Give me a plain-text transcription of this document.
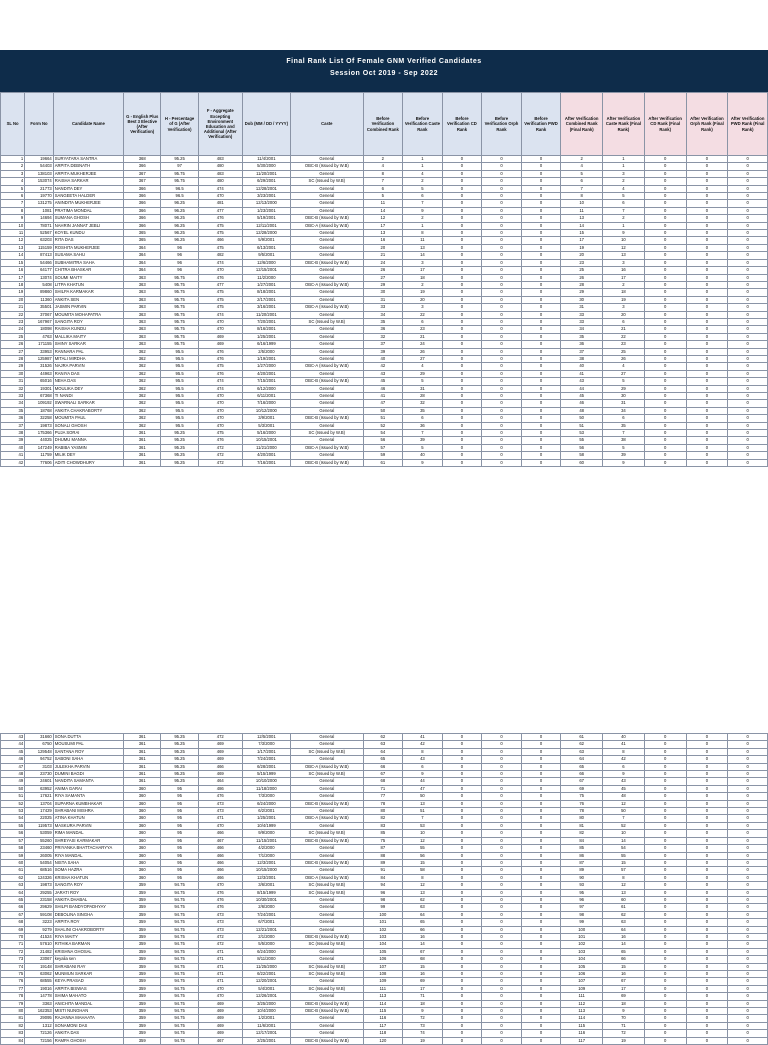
Final Rank List Of Female GNM Verified Candidates
Session Oct 2019 - Sep 2022
SL No	Form No	Candidate Name	G - English Plus Best 3 Elective (After Verification)	H - Percentage of G (After Verification)	F - Aggregate Excepting Environment Education and Additional (After Verification)	Dob (MM / DD / YYYY)	Caste	Before Verification Combined Rank	Before Verification Caste Rank	Before Verification CD Rank	Before Verification Orph Rank	Before Verification PWD Rank	After Verification Combined Rank (Final Rank)	After Verification Caste Rank (Final Rank)	After Verification CD Rank (Final Rank)	After Verification Orph Rank (Final Rank)	After Verification PWD Rank (Final Rank)
1	19664	SURYATARA SANTRA	368	95.25	483	11/4/2001	General	2	1	0	0	0	2	1	0	0	0
2	54403	ARPITA DEBNATH	366	97	480	5/30/2000	OBC-B (Issued by W.B)	4	1	0	0	0	4	1	0	0	0
3	138103	ARPITA MUKHERJEE	367	95.75	483	11/20/2001	General	8	4	0	0	0	5	3	0	0	0
4	153074	RAISHA SARKAR	367	95.75	480	6/29/2001	SC (Issued by W.B)	7	2	0	0	0	6	2	0	0	0
5	21773	NANDITA DEY	366	96.5	474	12/28/2001	General	6	5	0	0	0	7	4	0	0	0
6	19770	SANGEETA HALDER	366	96.5	470	3/23/2001	General	5	6	0	0	0	8	5	0	0	0
7	131275	ANINDITA MUKHERJEE	366	96.25	481	12/13/2000	General	11	7	0	0	0	10	6	0	0	0
8	1081	PRATIMA MONDAL	366	96.25	477	1/23/2001	General	14	9	0	0	0	11	7	0	0	0
9	14694	SUMANA GHOSH	366	96.25	476	5/19/2001	OBC-B (Issued by W.B)	12	2	0	0	0	13	2	0	0	0
10	78071	NAHRIN JANNAT JEBLI	366	96.25	475	12/11/2001	OBC-A (Issued by W.B)	17	1	0	0	0	14	1	0	0	0
11	52567	KOYEL KUNDU	365	96.25	475	12/28/2000	General	13	8	0	0	0	15	9	0	0	0
12	63203	RITA DAS	365	96.25	466	5/9/2001	General	16	11	0	0	0	17	10	0	0	0
13	115159	ROSHITA MUKHERJEE	364	96	475	6/13/2001	General	20	13	0	0	0	19	12	0	0	0
14	87413	SUSAMA SAHU	364	96	482	9/5/2001	General	21	14	0	0	0	20	13	0	0	0
15	54466	SUBHAMITRA SAHA	364	96	474	12/6/2000	OBC-B (Issued by W.B)	24	3	0	0	0	23	3	0	0	0
16	64177	CHITRA BHASKAR	364	96	470	12/15/2001	General	26	17	0	0	0	25	16	0	0	0
17	13074	SOUMI MAITY	363	95.75	476	11/2/2000	General	27	18	0	0	0	26	17	0	0	0
18	5408	LITPA KHATUN	363	95.75	477	1/27/2001	OBC-A (Issued by W.B)	29	2	0	0	0	28	2	0	0	0
19	89860	SHILPA KARMAKAR	363	95.75	475	8/18/2001	General	30	19	0	0	0	29	18	0	0	0
20	11360	ANKITA SEN	363	95.75	475	2/17/2001	General	31	20	0	0	0	30	19	0	0	0
21	35501	JASMIN PARVIN	363	95.75	475	3/16/2001	OBC-A (Issued by W.B)	33	3	0	0	0	31	3	0	0	0
22	37067	MOUMITA MOHAPATRA	363	95.75	474	11/20/2001	General	34	22	0	0	0	33	20	0	0	0
23	167967	SANGITA ROY	363	95.75	470	7/20/2001	SC (Issued by W.B)	35	6	0	0	0	33	6	0	0	0
24	18098	RAISHA KUNDU	363	95.75	470	8/16/2001	General	36	23	0	0	0	34	21	0	0	0
25	4763	MALLIKA MAITY	363	95.75	469	1/25/2001	General	32	21	0	0	0	35	22	0	0	0
26	171155	SHINY SARKAR	363	95.75	469	6/16/1999	General	37	24	0	0	0	36	23	0	0	0
27	33953	RANNARA PAL	362	95.5	476	2/5/2000	General	39	26	0	0	0	37	25	0	0	0
28	125987	MITALI MIRDHA	362	95.5	476	1/19/2001	General	40	27	0	0	0	38	26	0	0	0
29	31526	NAJRA PARVIN	362	95.5	475	1/27/2000	OBC-A (Issued by W.B)	42	4	0	0	0	40	4	0	0	0
30	44963	RANIYA DAS	362	95.5	476	4/20/2001	General	43	29	0	0	0	41	27	0	0	0
31	65016	NEHA DAS	362	95.5	474	7/15/2001	OBC-B (Issued by W.B)	45	5	0	0	0	43	5	0	0	0
32	19301	MOULIKA DEY	362	95.5	474	6/12/2000	General	46	31	0	0	0	44	29	0	0	0
33	67368	TI NANDI	362	95.5	470	6/11/2001	General	41	28	0	0	0	45	30	0	0	0
34	109192	SWARNALI SARKAR	362	95.5	470	7/16/2000	General	47	32	0	0	0	46	31	0	0	0
35	18768	ANKITA CHAKRABORTY	362	95.5	470	10/12/2000	General	50	35	0	0	0	48	34	0	0	0
36	32258	MOUMITA PAUL	362	95.5	470	3/9/2001	OBC-B (Issued by W.B)	51	6	0	0	0	50	6	0	0	0
37	19873	SONALI GHOSH	362	95.5	470	5/3/2001	General	52	36	0	0	0	51	35	0	0	0
38	175366	PUJA SORAI	361	95.25	475	5/16/2000	SC (Issued by W.B)	54	7	0	0	0	53	7	0	0	0
39	44025	DHUMU MANNA	361	95.25	476	10/15/2001	General	56	39	0	0	0	55	38	0	0	0
40	147249	RABIBA YASMIN	361	95.25	472	11/21/2000	OBC-A (Issued by W.B)	57	5	0	0	0	56	5	0	0	0
41	11759	MILIK DEY	361	95.25	472	4/20/2001	General	59	40	0	0	0	58	39	0	0	0
42	77606	ADITI CHOWDHURY	361	95.25	472	7/16/2001	OBC-B (Issued by W.B)	61	9	0	0	0	60	9	0	0	0
43	31660	SONA DUTTA	361	95.25	472	12/5/2001	General	62	41	0	0	0	61	40	0	0	0
44	6750	MOUSUMI PAL	361	95.25	469	7/3/2000	General	63	42	0	0	0	62	41	0	0	0
45	129548	SANTANA ROY	361	95.25	469	1/17/2001	SC (Issued by W.B)	64	8	0	0	0	63	8	0	0	0
46	94752	SABONI SAHA	361	95.25	469	7/24/2001	General	65	43	0	0	0	64	42	0	0	0
47	3103	JULEKHA PARVIN	361	95.25	466	6/28/2001	OBC-A (Issued by W.B)	66	6	0	0	0	65	6	0	0	0
48	23730	DUMINI BAGDI	361	95.25	469	5/15/1999	SC (Issued by W.B)	67	9	0	0	0	66	9	0	0	0
49	24601	NANDITA SAMANTA	361	95.25	464	10/10/2000	General	68	44	0	0	0	67	43	0	0	0
50	63952	ANIMA GARAI	360	95	486	11/18/2000	General	71	47	0	0	0	69	45	0	0	0
51	17621	RIYA SAMANTA	360	95	476	7/3/2000	General	77	50	0	0	0	75	48	0	0	0
52	13704	SUPARNA KUMBHAKAR	360	95	473	6/24/2000	OBC-B (Issued by W.B)	78	13	0	0	0	76	12	0	0	0
53	17429	SHRABANI MISHRA	360	95	473	6/2/2001	General	80	51	0	0	0	78	50	0	0	0
54	22025	ATINA KHATUN	360	95	471	1/25/2001	OBC-A (Issued by W.B)	82	7	0	0	0	80	7	0	0	0
55	119573	MASKURA PARVIN	360	95	470	10/4/1999	General	83	53	0	0	0	81	52	0	0	0
56	53059	RIMA MANDAL	360	95	466	9/9/2000	SC (Issued by W.B)	85	10	0	0	0	82	10	0	0	0
57	55260	SHREYASI KARMAKAR	360	95	467	11/15/2001	OBC-B (Issued by W.B)	75	12	0	0	0	84	14	0	0	0
58	23460	PRIYANKA BHATTACHARYYA	360	95	466	4/2/2000	General	87	55	0	0	0	85	54	0	0	0
59	26005	RIYA MANDAL	360	95	466	7/1/2000	General	88	56	0	0	0	86	55	0	0	0
60	54054	NISTA SAHA	360	95	466	12/3/2001	OBC-B (Issued by W.B)	89	15	0	0	0	87	15	0	0	0
61	68516	SOMA HAZRA	360	95	466	10/15/2000	General	91	58	0	0	0	89	57	0	0	0
62	124326	KRISHA KHATUN	360	95	466	12/3/2001	OBC-A (Issued by W.B)	84	8	0	0	0	90	8	0	0	0
63	19873	SANGITA ROY	359	94.75	470	3/6/2001	SC (Issued by W.B)	94	12	0	0	0	93	12	0	0	0
64	29255	JARATI ROY	359	94.75	476	8/15/1999	SC (Issued by W.B)	96	13	0	0	0	95	13	0	0	0
65	23158	ANKITA DHABAL	359	94.75	476	10/30/2001	General	98	62	0	0	0	96	60	0	0	0
66	29629	SHILPI BANDYOPADHYAY	359	94.75	476	2/6/2000	General	99	63	0	0	0	97	61	0	0	0
67	59108	DEBOLINA SINGHA	359	94.75	473	7/24/2001	General	100	64	0	0	0	98	62	0	0	0
68	3223	ARPITA ROY	359	94.75	473	6/7/2001	General	101	65	0	0	0	99	63	0	0	0
69	9279	SHALINI CHAKROBORTY	359	94.75	473	12/21/2001	General	102	66	0	0	0	100	64	0	0	0
70	41524	RIYA MAITY	359	94.75	472	2/1/2000	OBC-B (Issued by W.B)	103	16	0	0	0	101	16	0	0	0
71	57610	RITHIKA BARMAN	359	94.75	472	5/5/2000	SC (Issued by W.B)	104	14	0	0	0	102	14	0	0	0
72	21482	KRISHNA GHOSAL	359	94.75	471	6/24/2000	General	105	67	0	0	0	103	65	0	0	0
73	23067	keyalia sen	359	94.75	471	8/11/2000	General	106	68	0	0	0	104	66	0	0	0
74	19148	SHRABANI RAY	359	94.75	471	11/25/2000	SC (Issued by W.B)	107	15	0	0	0	105	15	0	0	0
75	63062	MUNMUN SARKAR	359	94.75	471	6/22/2001	SC (Issued by W.B)	108	16	0	0	0	106	16	0	0	0
76	68555	KEYA PRASAD	359	94.75	471	12/20/2001	General	109	69	0	0	0	107	67	0	0	0
77	19016	ARPITA BISWAS	359	94.75	470	5/4/2001	SC (Issued by W.B)	111	17	0	0	0	109	17	0	0	0
78	14778	SHIMA MAHATO	359	94.75	470	12/26/2001	General	113	71	0	0	0	111	69	0	0	0
79	3363	ANICHITA MANDAL	359	94.75	469	3/25/2000	OBC-B (Issued by W.B)	114	18	0	0	0	112	18	0	0	0
80	162353	MISTI NUNGHAN	359	94.75	469	10/4/2000	OBC-B (Issued by W.B)	115	9	0	0	0	113	9	0	0	0
81	29095	RAJANNA MAHAATA	359	94.75	469	1/2/2001	General	116	72	0	0	0	114	70	0	0	0
82	1312	SONAMONI DAS	359	94.75	469	11/6/2001	General	117	73	0	0	0	115	71	0	0	0
83	72126	ANKITA DAS	359	94.75	469	12/17/2001	General	118	74	0	0	0	116	72	0	0	0
84	72156	RAMPA GHOSH	359	94.75	467	2/25/2001	OBC-B (Issued by W.B)	120	19	0	0	0	117	19	0	0	0
